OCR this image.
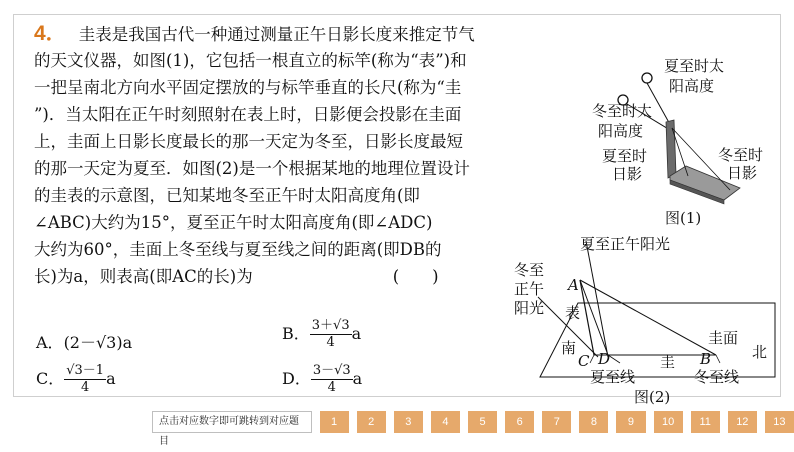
4． 圭表是我国古代一种通过测量正午日影长度来推定节气
的天文仪器，如图(1)，它包括一根直立的标竿(称为“表”)和
一把呈南北方向水平固定摆放的与标竿垂直的长尺(称为“圭
”)．当太阳在正午时刻照射在表上时，日影便会投影在圭面
上，圭面上日影长度最长的那一天定为冬至，日影长度最短
的那一天定为夏至．如图(2)是一个根据某地的地理位置设计
的圭表的示意图，已知某地冬至正午时太阳高度角(即
∠ABC)大约为15°，夏至正午时太阳高度角(即∠ADC)
大约为60°，圭面上冬至线与夏至线之间的距离(即DB的
长)为a，则表高(即AC的长)为	(　　)
A．(2－√3)a	B． $\frac{3+√3}{4}$ a
C． $\frac{√3-1}{4}$ a	D． $\frac{3-√3}{4}$ a
夏至时太
阳高度
冬至时太
阳高度
夏至时
日影
冬至时
日影
图(1)
夏至正午阳光
冬至
正午
阳光
A
表
圭面
北
南
C D	圭 B
夏至线	冬至线
图(2)
点击对应数字即可跳转到对应题目
1	2	3	4	5	6	7	8	9	10	11	12	13
